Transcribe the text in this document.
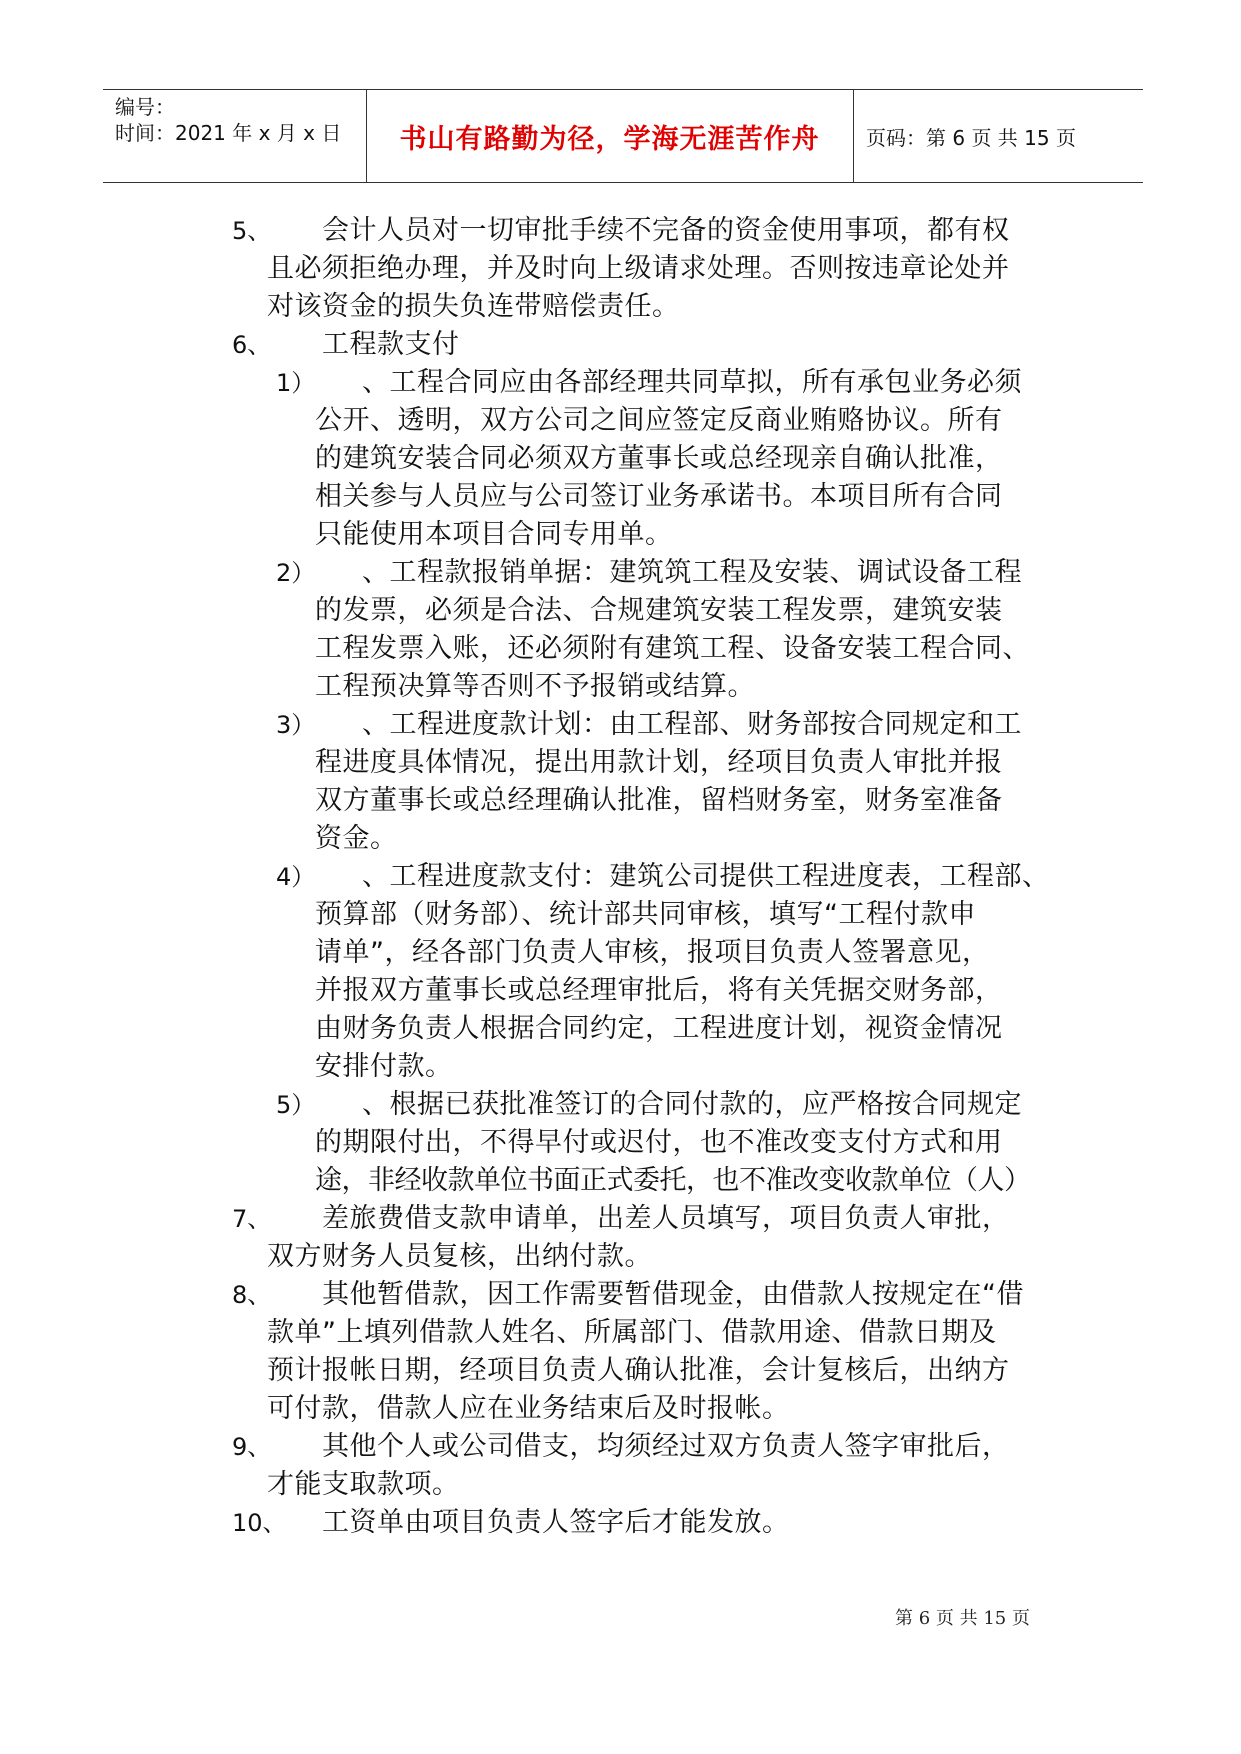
编号：
时间：2021 年 x 月 x 日 书山有路勤为径，学海无涯苦作舟 页码：第 6 页 共 15 页
5、 会计人员对一切审批手续不完备的资金使用事项，都有权
且必须拒绝办理，并及时向上级请求处理。否则按违章论处并
对该资金的损失负连带赔偿责任。
6、 工程款支付
1） 、工程合同应由各部经理共同草拟，所有承包业务必须
公开、透明，双方公司之间应签定反商业贿赂协议。所有
的建筑安装合同必须双方董事长或总经现亲自确认批准，
相关参与人员应与公司签订业务承诺书。本项目所有合同
只能使用本项目合同专用单。
2） 、工程款报销单据：建筑筑工程及安装、调试设备工程
的发票，必须是合法、合规建筑安装工程发票，建筑安装
工程发票入账，还必须附有建筑工程、设备安装工程合同、
工程预决算等否则不予报销或结算。
3） 、工程进度款计划：由工程部、财务部按合同规定和工
程进度具体情况，提出用款计划，经项目负责人审批并报
双方董事长或总经理确认批准，留档财务室，财务室准备
资金。
4） 、工程进度款支付：建筑公司提供工程进度表，工程部、
预算部（财务部）、统计部共同审核，填写“工程付款申
请单”，经各部门负责人审核，报项目负责人签署意见，
并报双方董事长或总经理审批后，将有关凭据交财务部，
由财务负责人根据合同约定，工程进度计划，视资金情况
安排付款。
5） 、根据已获批准签订的合同付款的，应严格按合同规定
的期限付出，不得早付或迟付，也不准改变支付方式和用
途，非经收款单位书面正式委托，也不准改变收款单位（人）
7、 差旅费借支款申请单，出差人员填写，项目负责人审批，
双方财务人员复核，出纳付款。
8、 其他暂借款，因工作需要暂借现金，由借款人按规定在“借
款单”上填列借款人姓名、所属部门、借款用途、借款日期及
预计报帐日期，经项目负责人确认批准，会计复核后，出纳方
可付款，借款人应在业务结束后及时报帐。
9、 其他个人或公司借支，均须经过双方负责人签字审批后，
才能支取款项。
10、 工资单由项目负责人签字后才能发放。
第 6 页 共 15 页
